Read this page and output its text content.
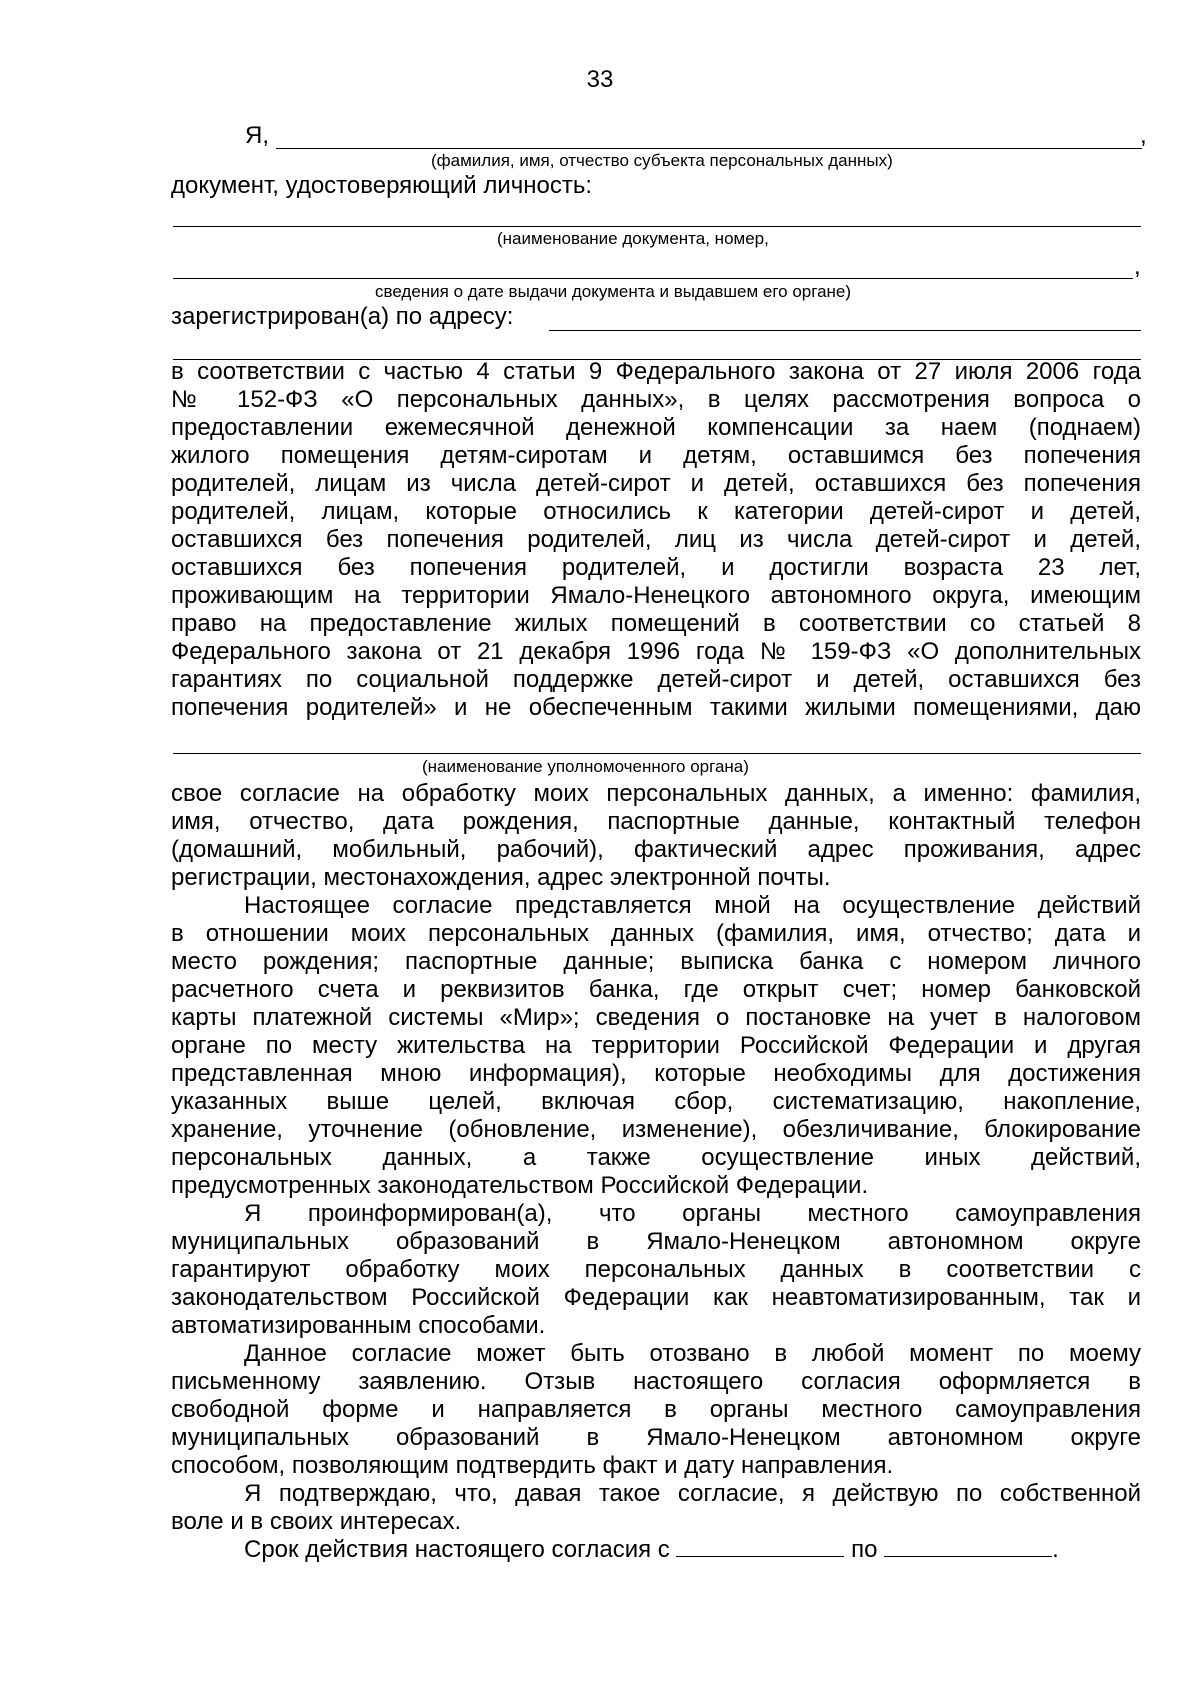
33
Я,	,
(фамилия, имя, отчество субъекта персональных данных)
документ, удостоверяющий личность:
(наименование документа, номер,
,
сведения о дате выдачи документа и выдавшем его органе)
зарегистрирован(а) по адресу:
в соответствии с частью 4 статьи 9 Федерального закона от 27 июля 2006 года
№ 152-ФЗ «О персональных данных», в целях рассмотрения вопроса о
предоставлении ежемесячной денежной компенсации за наем (поднаем)
жилого помещения детям-сиротам и детям, оставшимся без попечения
родителей, лицам из числа детей-сирот и детей, оставшихся без попечения
родителей, лицам, которые относились к категории детей-сирот и детей,
оставшихся без попечения родителей, лиц из числа детей-сирот и детей,
оставшихся без попечения родителей, и достигли возраста 23 лет,
проживающим на территории Ямало-Ненецкого автономного округа, имеющим
право на предоставление жилых помещений в соответствии со статьей 8
Федерального закона от 21 декабря 1996 года № 159-ФЗ «О дополнительных
гарантиях по социальной поддержке детей-сирот и детей, оставшихся без
попечения родителей» и не обеспеченным такими жилыми помещениями, даю
(наименование уполномоченного органа)
свое согласие на обработку моих персональных данных, а именно: фамилия,
имя, отчество, дата рождения, паспортные данные, контактный телефон
(домашний, мобильный, рабочий), фактический адрес проживания, адрес
регистрации, местонахождения, адрес электронной почты.
Настоящее согласие представляется мной на осуществление действий
в отношении моих персональных данных (фамилия, имя, отчество; дата и
место рождения; паспортные данные; выписка банка с номером личного
расчетного счета и реквизитов банка, где открыт счет; номер банковской
карты платежной системы «Мир»; сведения о постановке на учет в налоговом
органе по месту жительства на территории Российской Федерации и другая
представленная мною информация), которые необходимы для достижения
указанных выше целей, включая сбор, систематизацию, накопление,
хранение, уточнение (обновление, изменение), обезличивание, блокирование
персональных данных, а также осуществление иных действий,
предусмотренных законодательством Российской Федерации.
Я проинформирован(а), что органы местного самоуправления
муниципальных образований в Ямало-Ненецком автономном округе
гарантируют обработку моих персональных данных в соответствии с
законодательством Российской Федерации как неавтоматизированным, так и
автоматизированным способами.
Данное согласие может быть отозвано в любой момент по моему
письменному заявлению. Отзыв настоящего согласия оформляется в
свободной форме и направляется в органы местного самоуправления
муниципальных образований в Ямало-Ненецком автономном округе
способом, позволяющим подтвердить факт и дату направления.
Я подтверждаю, что, давая такое согласие, я действую по собственной
воле и в своих интересах.
Срок действия настоящего согласия с	по	.
